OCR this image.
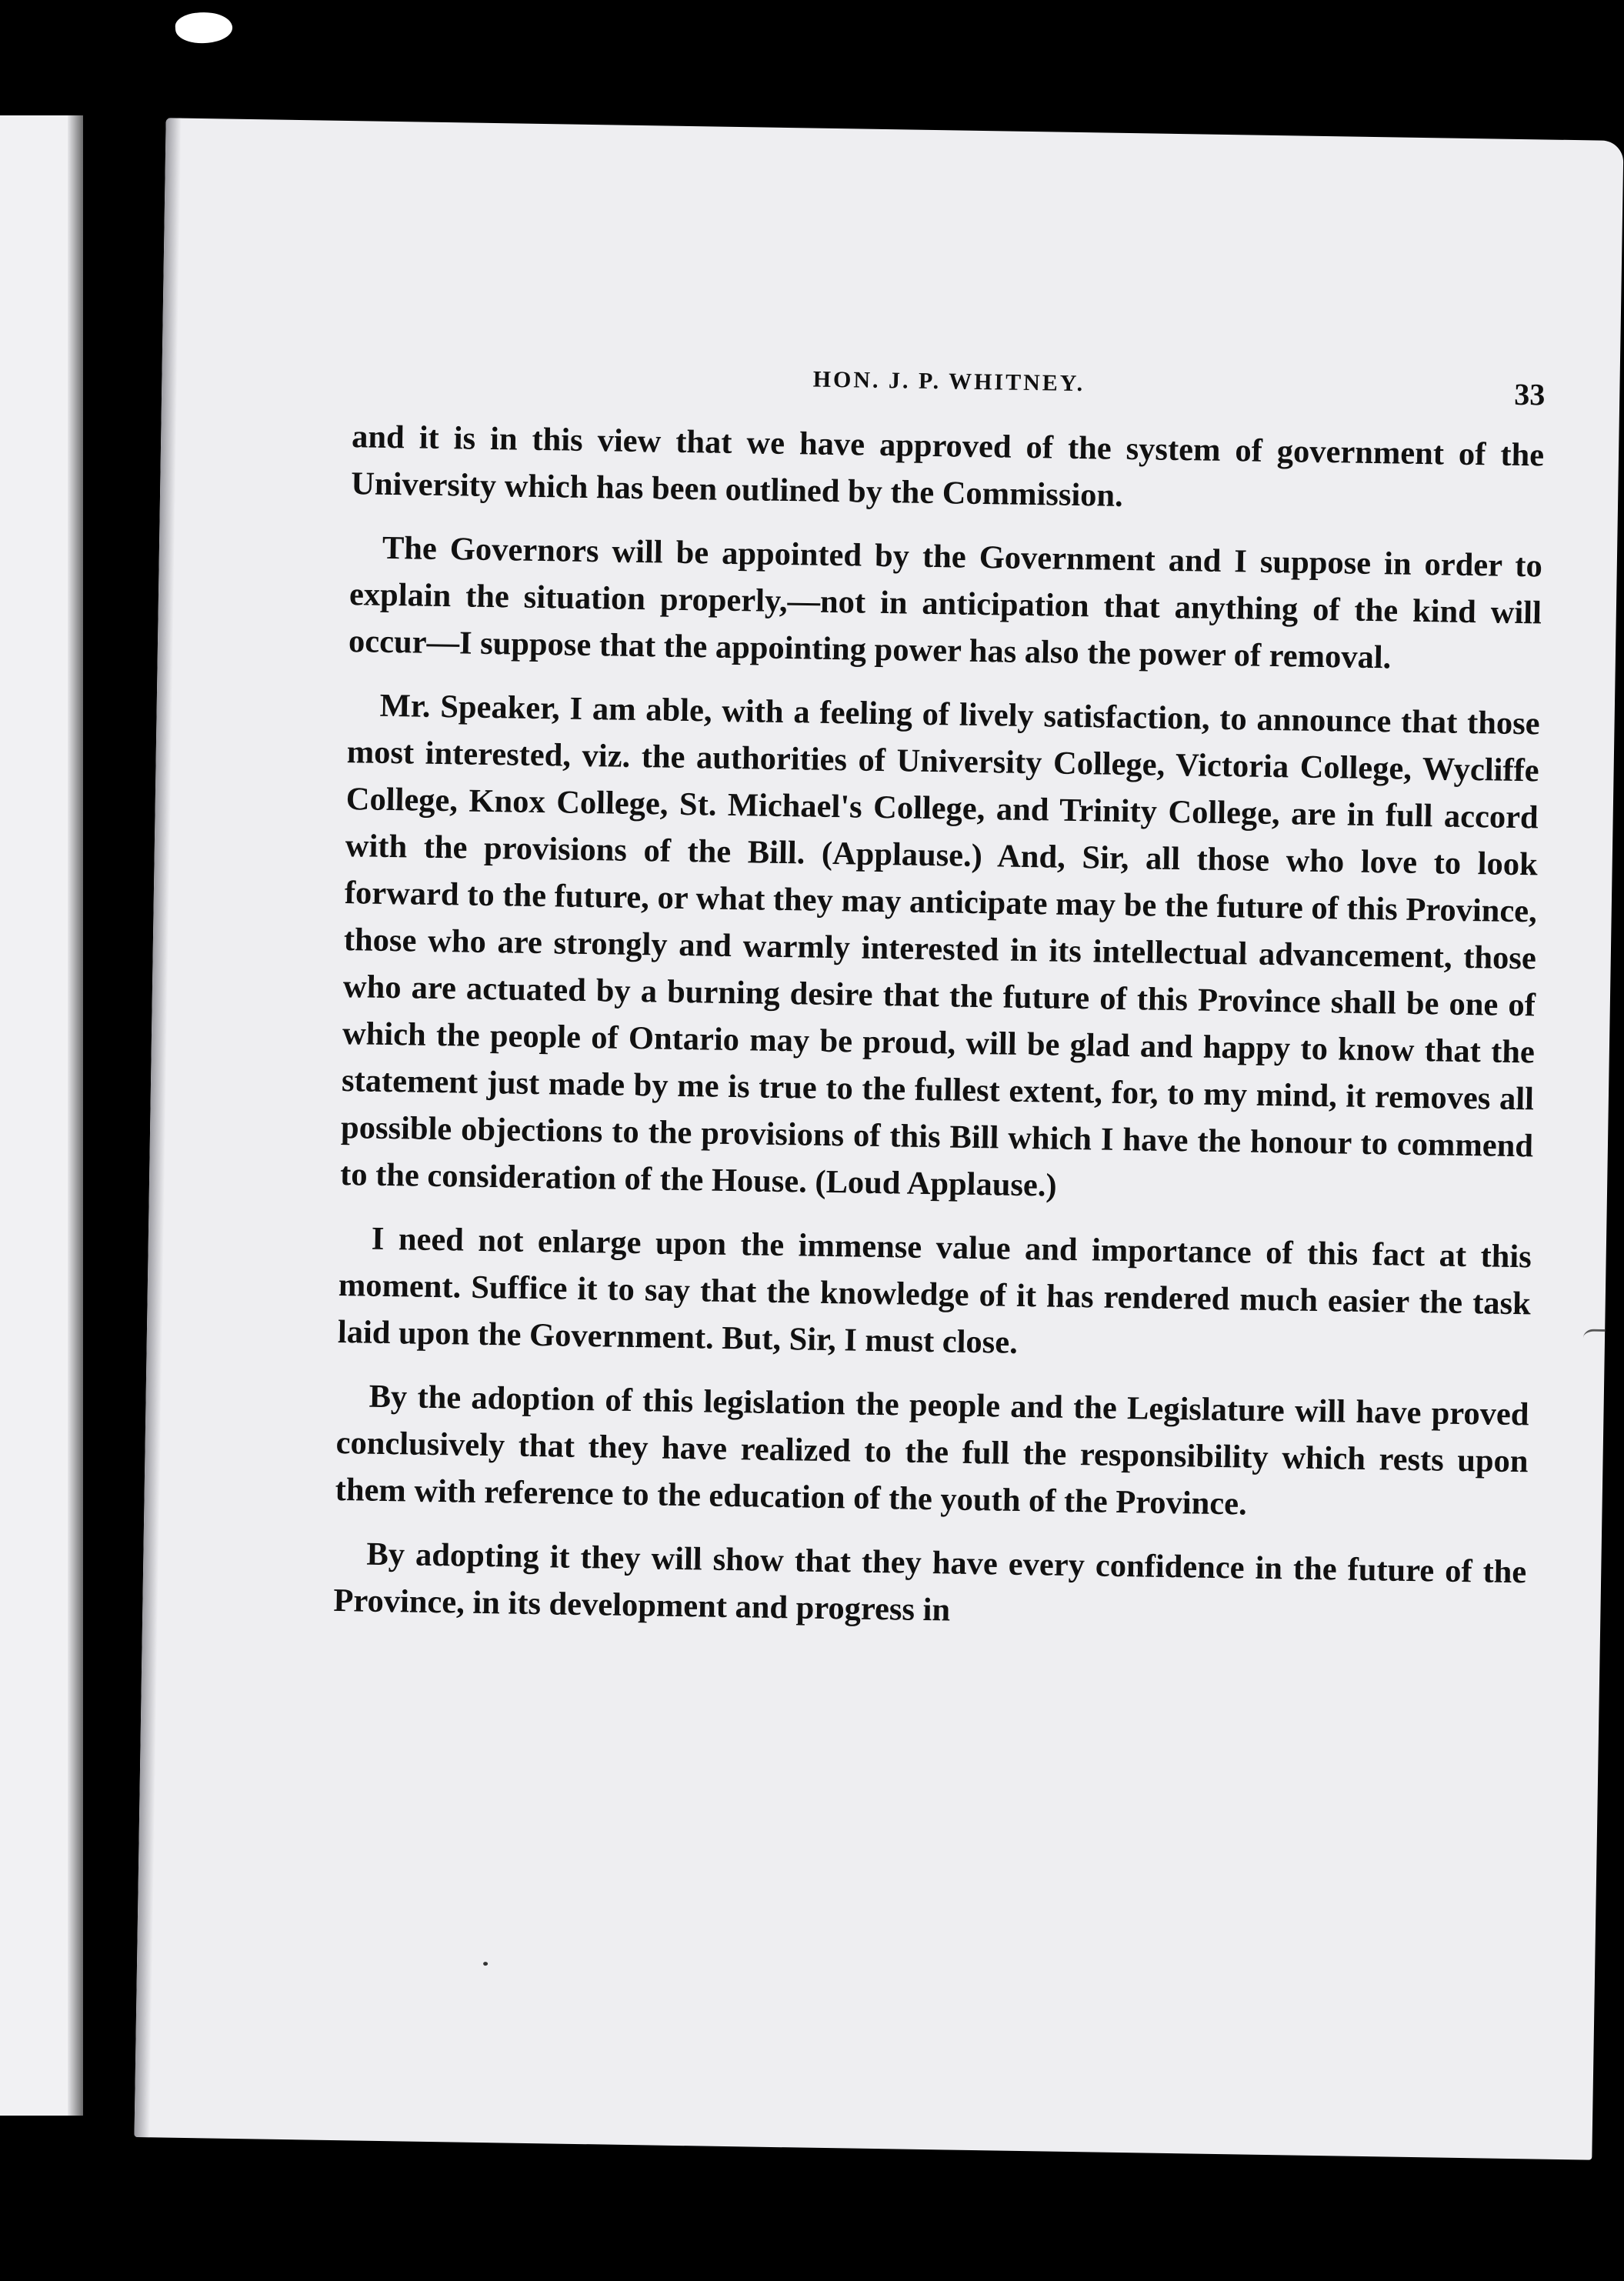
HON. J. P. WHITNEY.	33

and it is in this view that we have approved of the system of government of the University which has been outlined by the Commission.

The Governors will be appointed by the Government and I suppose in order to explain the situation properly,—not in anticipation that anything of the kind will occur—I suppose that the appointing power has also the power of removal.

Mr. Speaker, I am able, with a feeling of lively satisfaction, to announce that those most interested, viz. the authorities of University College, Victoria College, Wycliffe College, Knox College, St. Michael's College, and Trinity College, are in full accord with the provisions of the Bill. (Applause.) And, Sir, all those who love to look forward to the future, or what they may anticipate may be the future of this Province, those who are strongly and warmly interested in its intellectual advancement, those who are actuated by a burning desire that the future of this Province shall be one of which the people of Ontario may be proud, will be glad and happy to know that the statement just made by me is true to the fullest extent, for, to my mind, it removes all possible objections to the provisions of this Bill which I have the honour to commend to the consideration of the House. (Loud Applause.)

I need not enlarge upon the immense value and importance of this fact at this moment. Suffice it to say that the knowledge of it has rendered much easier the task laid upon the Government. But, Sir, I must close.

By the adoption of this legislation the people and the Legislature will have proved conclusively that they have realized to the full the responsibility which rests upon them with reference to the education of the youth of the Province.

By adopting it they will show that they have every confidence in the future of the Province, in its development and progress in
